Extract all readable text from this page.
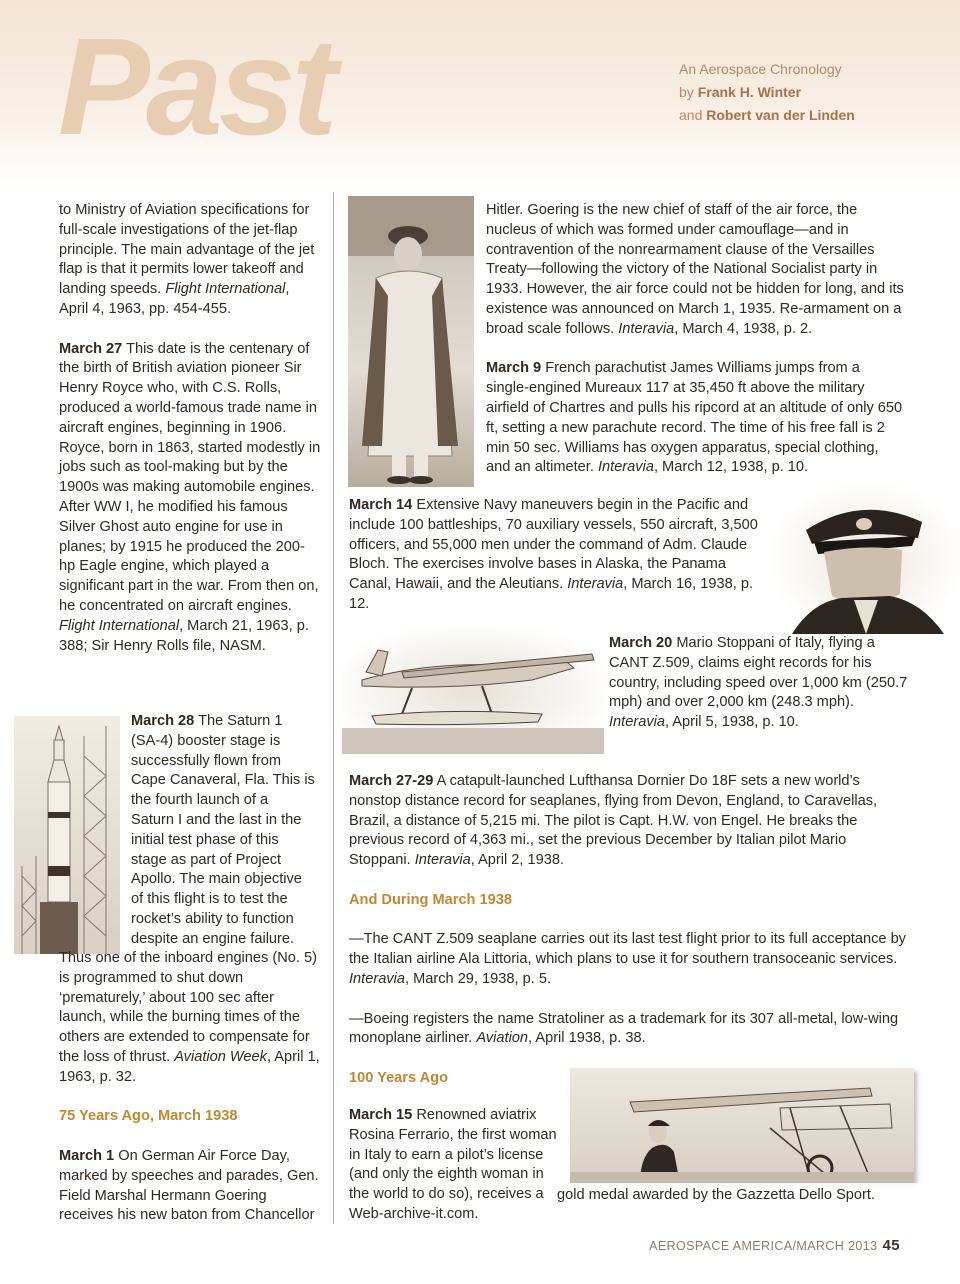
Past	An Aerospace Chronology
by Frank H. Winter
and Robert van der Linden

to Ministry of Aviation specifications for full-scale investigations of the jet-flap principle. The main advantage of the jet flap is that it permits lower takeoff and landing speeds. Flight International, April 4, 1963, pp. 454-455.

March 27 This date is the centenary of the birth of British aviation pioneer Sir Henry Royce who, with C.S. Rolls, produced a world-famous trade name in aircraft engines, beginning in 1906. Royce, born in 1863, started modestly in jobs such as tool-making but by the 1900s was making automobile engines. After WW I, he modified his famous Silver Ghost auto engine for use in planes; by 1915 he produced the 200-hp Eagle engine, which played a significant part in the war. From then on, he concentrated on aircraft engines. Flight International, March 21, 1963, p. 388; Sir Henry Rolls file, NASM.

March 28 The Saturn 1 (SA-4) booster stage is successfully flown from Cape Canaveral, Fla. This is the fourth launch of a Saturn I and the last in the initial test phase of this stage as part of Project Apollo. The main objective of this flight is to test the rocket’s ability to function despite an engine failure.

Thus one of the inboard engines (No. 5) is programmed to shut down ‘prematurely,’ about 100 sec after launch, while the burning times of the others are extended to compensate for the loss of thrust. Aviation Week, April 1, 1963, p. 32.

75 Years Ago, March 1938

March 1 On German Air Force Day, marked by speeches and parades, Gen. Field Marshal Hermann Goering receives his new baton from Chancellor

Hitler. Goering is the new chief of staff of the air force, the nucleus of which was formed under camouflage—and in contravention of the nonrearmament clause of the Versailles Treaty—following the victory of the National Socialist party in 1933. However, the air force could not be hidden for long, and its existence was announced on March 1, 1935. Re-armament on a broad scale follows. Interavia, March 4, 1938, p. 2.

March 9 French parachutist James Williams jumps from a single-engined Mureaux 117 at 35,450 ft above the military airfield of Chartres and pulls his ripcord at an altitude of only 650 ft, setting a new parachute record. The time of his free fall is 2 min 50 sec. Williams has oxygen apparatus, special clothing, and an altimeter. Interavia, March 12, 1938, p. 10.

March 14 Extensive Navy maneuvers begin in the Pacific and include 100 battleships, 70 auxiliary vessels, 550 aircraft, 3,500 officers, and 55,000 men under the command of Adm. Claude Bloch. The exercises involve bases in Alaska, the Panama Canal, Hawaii, and the Aleutians. Interavia, March 16, 1938, p. 12.

March 20 Mario Stoppani of Italy, flying a CANT Z.509, claims eight records for his country, including speed over 1,000 km (250.7 mph) and over 2,000 km (248.3 mph). Interavia, April 5, 1938, p. 10.

March 27-29 A catapult-launched Lufthansa Dornier Do 18F sets a new world’s nonstop distance record for seaplanes, flying from Devon, England, to Caravellas, Brazil, a distance of 5,215 mi. The pilot is Capt. H.W. von Engel. He breaks the previous record of 4,363 mi., set the previous December by Italian pilot Mario Stoppani. Interavia, April 2, 1938.

And During March 1938

—The CANT Z.509 seaplane carries out its last test flight prior to its full acceptance by the Italian airline Ala Littoria, which plans to use it for southern transoceanic services. Interavia, March 29, 1938, p. 5.

—Boeing registers the name Stratoliner as a trademark for its 307 all-metal, low-wing monoplane airliner. Aviation, April 1938, p. 38.

100 Years Ago

March 15 Renowned aviatrix Rosina Ferrario, the first woman in Italy to earn a pilot’s license (and only the eighth woman in the world to do so), receives a gold medal awarded by the Gazzetta Dello Sport.
Web-archive-it.com.
AEROSPACE AMERICA/MARCH 2013 45
